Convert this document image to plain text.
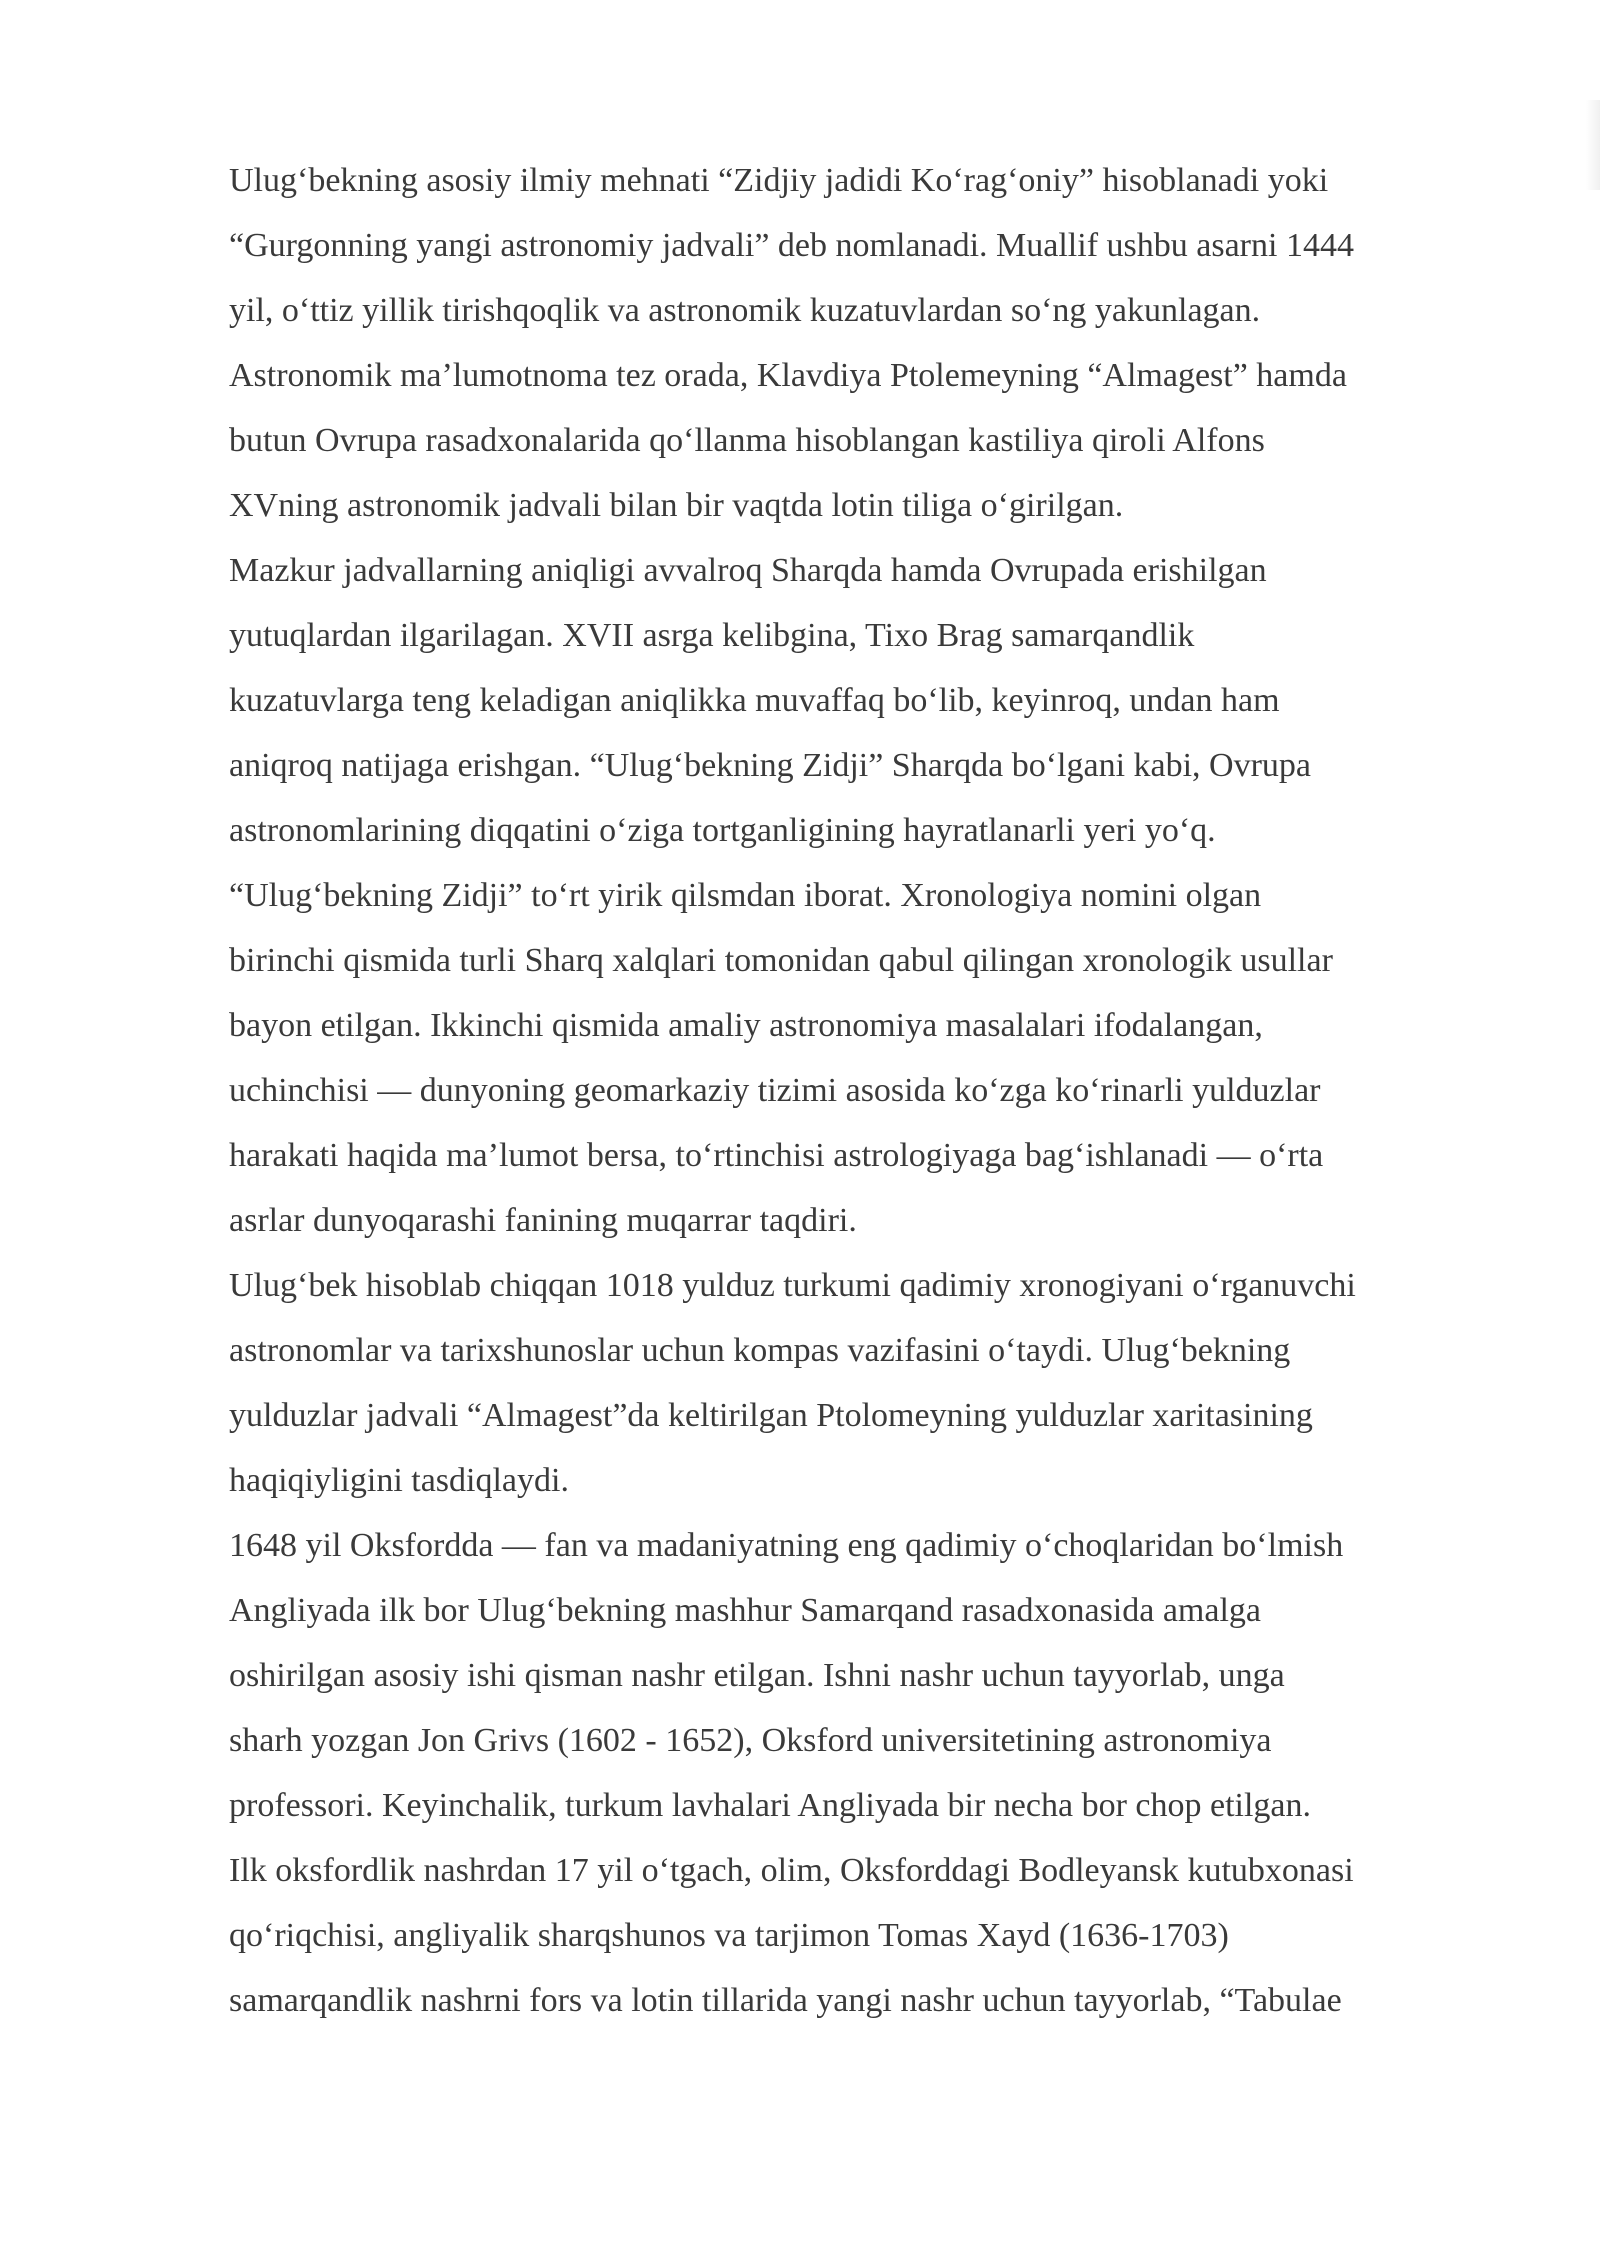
Ulug‘bekning asosiy ilmiy mehnati “Zidjiy jadidi Ko‘rag‘oniy” hisoblanadi yoki
“Gurgonning yangi astronomiy jadvali” deb nomlanadi. Muallif ushbu asarni 1444
yil, o‘ttiz yillik tirishqoqlik va astronomik kuzatuvlardan so‘ng yakunlagan.
Astronomik ma’lumotnoma tez orada, Klavdiya Ptolemeyning “Almagest” hamda
butun Ovrupa rasadxonalarida qo‘llanma hisoblangan kastiliya qiroli Alfons
XVning astronomik jadvali bilan bir vaqtda lotin tiliga o‘girilgan.
Mazkur jadvallarning aniqligi avvalroq Sharqda hamda Ovrupada erishilgan
yutuqlardan ilgarilagan. XVII asrga kelibgina, Tixo Brag samarqandlik
kuzatuvlarga teng keladigan aniqlikka muvaffaq bo‘lib, keyinroq, undan ham
aniqroq natijaga erishgan. “Ulug‘bekning Zidji” Sharqda bo‘lgani kabi, Ovrupa
astronomlarining diqqatini o‘ziga tortganligining hayratlanarli yeri yo‘q.
“Ulug‘bekning Zidji” to‘rt yirik qilsmdan iborat. Xronologiya nomini olgan
birinchi qismida turli Sharq xalqlari tomonidan qabul qilingan xronologik usullar
bayon etilgan. Ikkinchi qismida amaliy astronomiya masalalari ifodalangan,
uchinchisi — dunyoning geomarkaziy tizimi asosida ko‘zga ko‘rinarli yulduzlar
harakati haqida ma’lumot bersa, to‘rtinchisi astrologiyaga bag‘ishlanadi — o‘rta
asrlar dunyoqarashi fanining muqarrar taqdiri.
Ulug‘bek hisoblab chiqqan 1018 yulduz turkumi qadimiy xronogiyani o‘rganuvchi
astronomlar va tarixshunoslar uchun kompas vazifasini o‘taydi. Ulug‘bekning
yulduzlar jadvali “Almagest”da keltirilgan Ptolomeyning yulduzlar xaritasining
haqiqiyligini tasdiqlaydi.
1648 yil Oksfordda — fan va madaniyatning eng qadimiy o‘choqlaridan bo‘lmish
Angliyada ilk bor Ulug‘bekning mashhur Samarqand rasadxonasida amalga
oshirilgan asosiy ishi qisman nashr etilgan. Ishni nashr uchun tayyorlab, unga
sharh yozgan Jon Grivs (1602 - 1652), Oksford universitetining astronomiya
professori. Keyinchalik, turkum lavhalari Angliyada bir necha bor chop etilgan.
Ilk oksfordlik nashrdan 17 yil o‘tgach, olim, Oksforddagi Bodleyansk kutubxonasi
qo‘riqchisi, angliyalik sharqshunos va tarjimon Tomas Xayd (1636-1703)
samarqandlik nashrni fors va lotin tillarida yangi nashr uchun tayyorlab, “Tabulae
